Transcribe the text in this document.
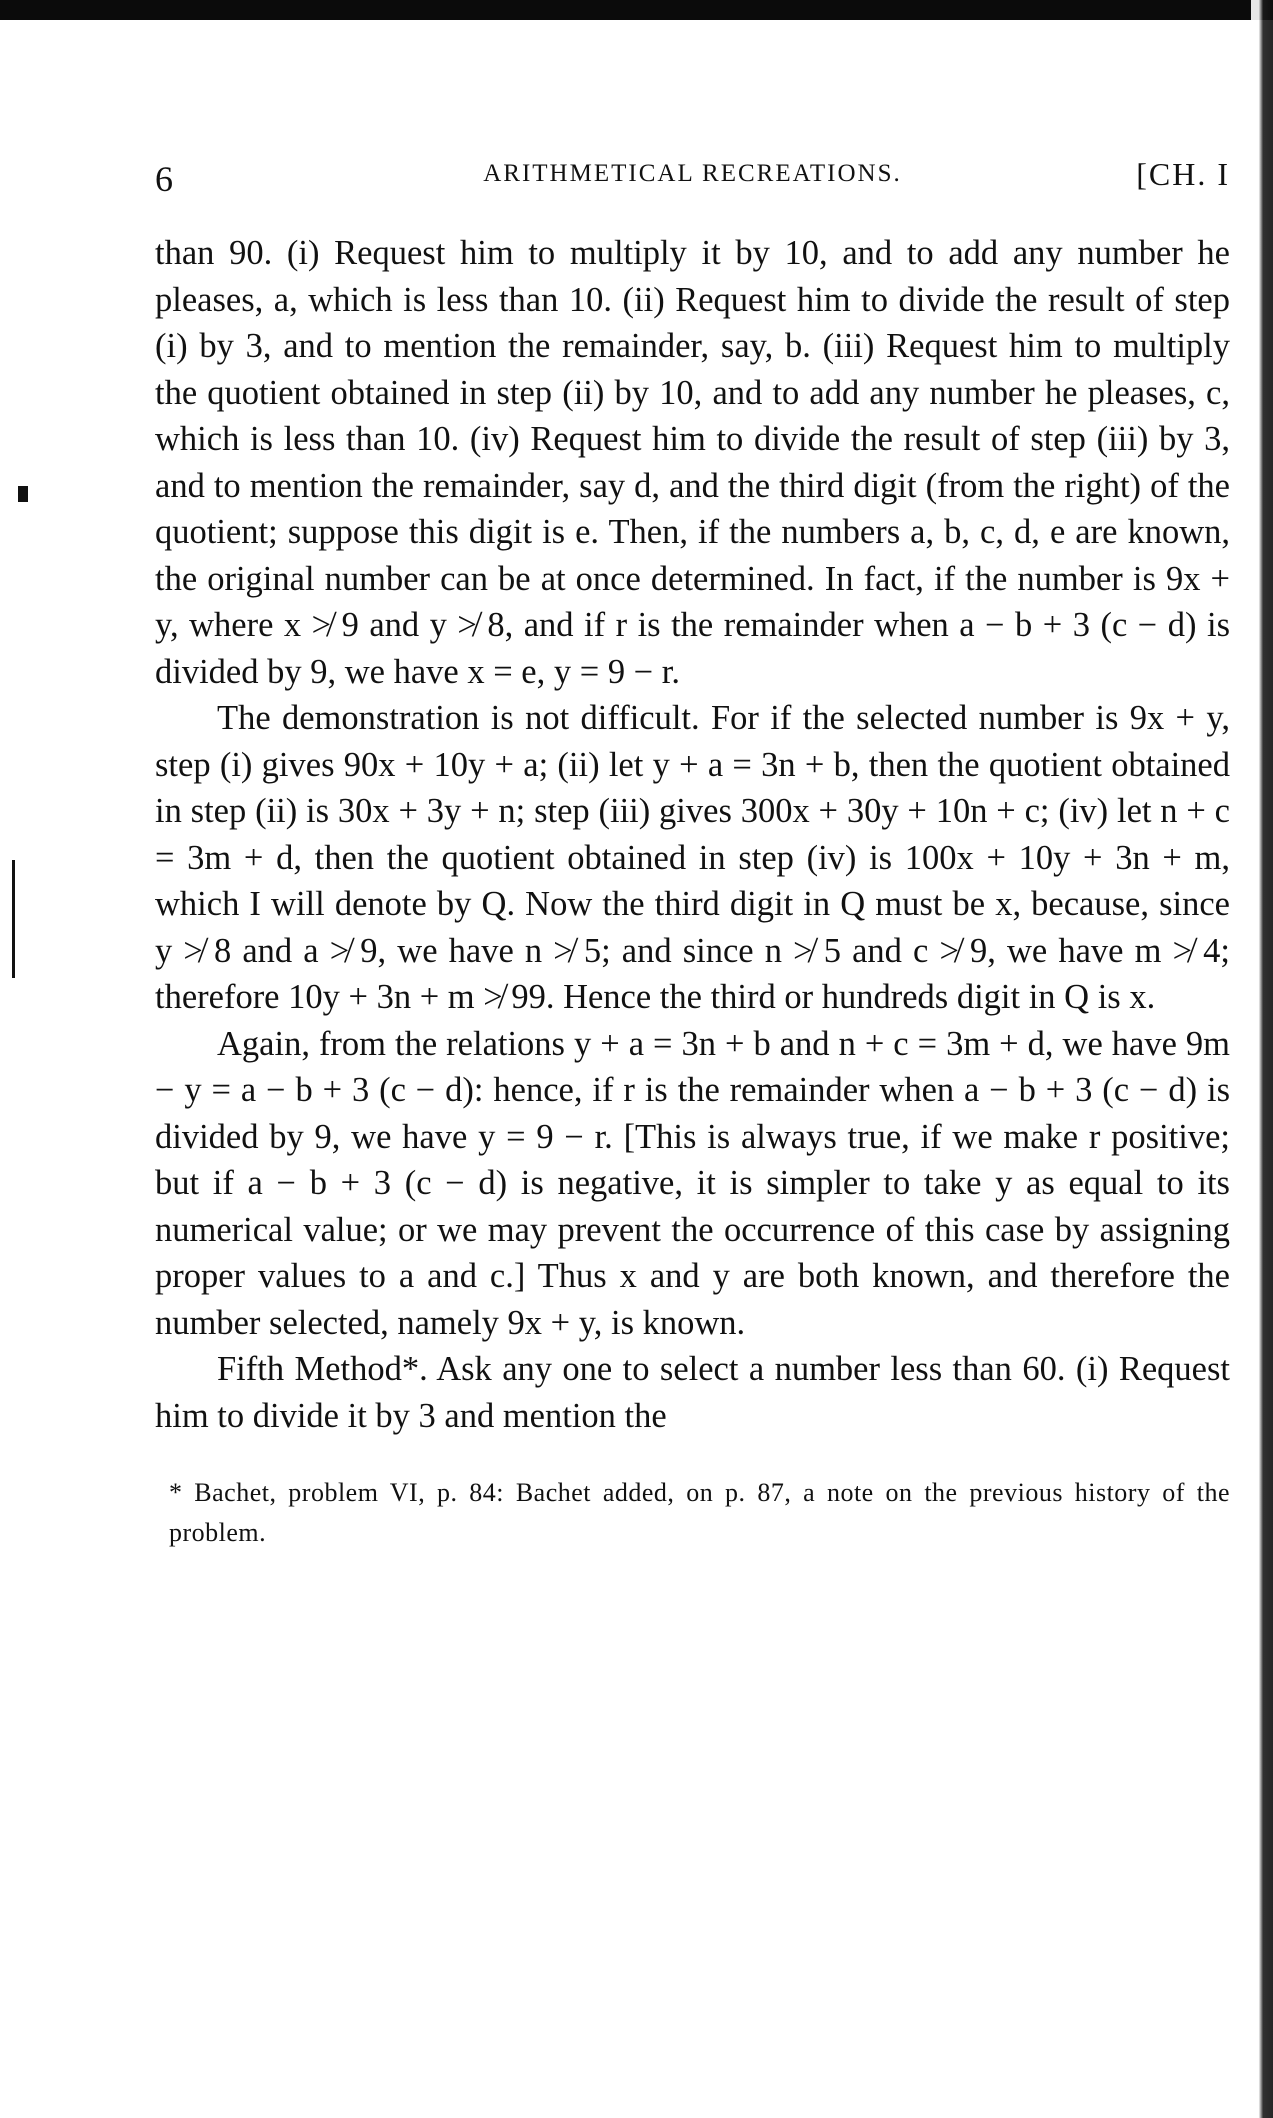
6	ARITHMETICAL RECREATIONS.	[CH. I

than 90. (i) Request him to multiply it by 10, and to add any number he pleases, a, which is less than 10. (ii) Request him to divide the result of step (i) by 3, and to mention the remainder, say, b. (iii) Request him to multiply the quotient obtained in step (ii) by 10, and to add any number he pleases, c, which is less than 10. (iv) Request him to divide the result of step (iii) by 3, and to mention the remainder, say d, and the third digit (from the right) of the quotient; suppose this digit is e. Then, if the numbers a, b, c, d, e are known, the original number can be at once determined. In fact, if the number is 9x + y, where x ≯ 9 and y ≯ 8, and if r is the remainder when a − b + 3 (c − d) is divided by 9, we have x = e, y = 9 − r.

The demonstration is not difficult. For if the selected number is 9x + y, step (i) gives 90x + 10y + a; (ii) let y + a = 3n + b, then the quotient obtained in step (ii) is 30x + 3y + n; step (iii) gives 300x + 30y + 10n + c; (iv) let n + c = 3m + d, then the quotient obtained in step (iv) is 100x + 10y + 3n + m, which I will denote by Q. Now the third digit in Q must be x, because, since y ≯ 8 and a ≯ 9, we have n ≯ 5; and since n ≯ 5 and c ≯ 9, we have m ≯ 4; therefore 10y + 3n + m ≯ 99. Hence the third or hundreds digit in Q is x.

Again, from the relations y + a = 3n + b and n + c = 3m + d, we have 9m − y = a − b + 3 (c − d): hence, if r is the remainder when a − b + 3 (c − d) is divided by 9, we have y = 9 − r. [This is always true, if we make r positive; but if a − b + 3 (c − d) is negative, it is simpler to take y as equal to its numerical value; or we may prevent the occurrence of this case by assigning proper values to a and c.] Thus x and y are both known, and therefore the number selected, namely 9x + y, is known.

Fifth Method*. Ask any one to select a number less than 60. (i) Request him to divide it by 3 and mention the

* Bachet, problem VI, p. 84: Bachet added, on p. 87, a note on the previous history of the problem.
